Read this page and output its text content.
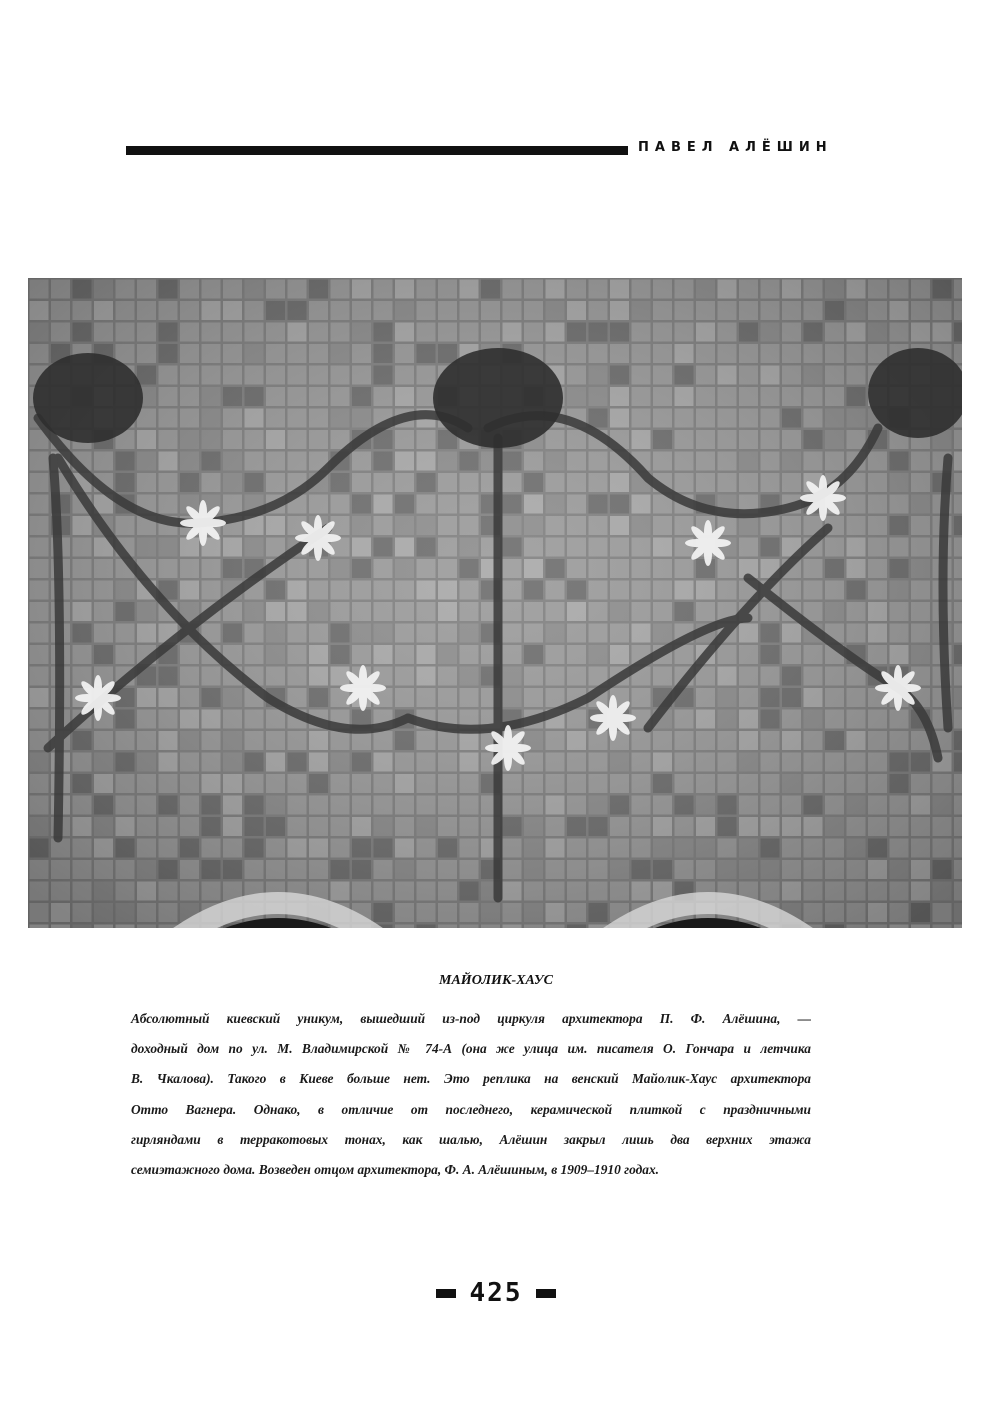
ПАВЕЛ АЛЁШИН
МАЙОЛИК-ХАУС
Абсолютный киевский уникум, вышедший из-под циркуля архитектора П. Ф. Алёшина, —
доходный дом по ул. М. Владимирской № 74-А (она же улица им. писателя О. Гончара и летчика
В. Чкалова). Такого в Киеве больше нет. Это реплика на венский Майолик-Хаус архитектора
Отто Вагнера. Однако, в отличие от последнего, керамической плиткой с праздничными
гирляндами в терракотовых тонах, как шалью, Алёшин закрыл лишь два верхних этажа
семиэтажного дома. Возведен отцом архитектора, Ф. А. Алёшиным, в 1909–1910 годах.
425
